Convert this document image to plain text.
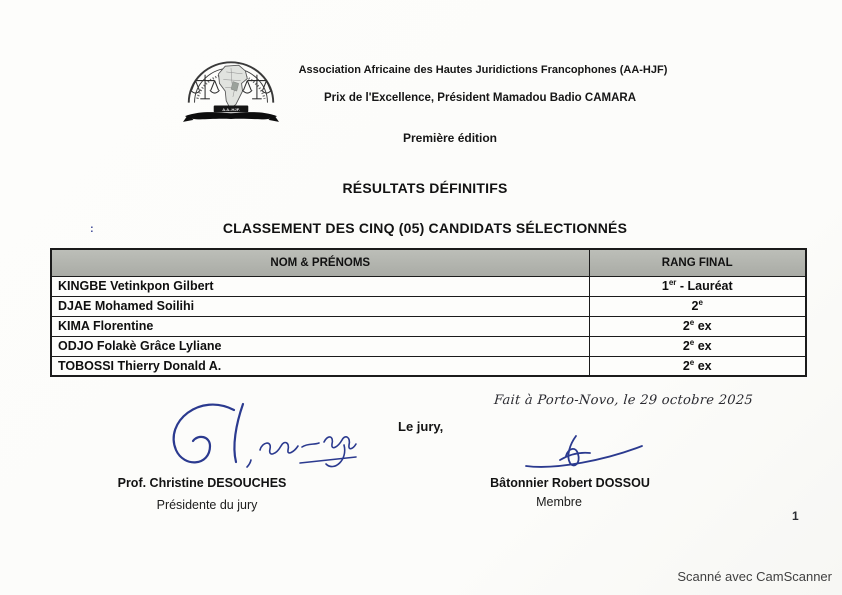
A.A.-HJF.
Association Africaine des Hautes Juridictions Francophones (AA-HJF)
Prix de l'Excellence, Président Mamadou Badio CAMARA
Première édition
RÉSULTATS DÉFINITIFS
CLASSEMENT DES CINQ (05) CANDIDATS SÉLECTIONNÉS
:
NOM & PRÉNOMS	RANG FINAL
KINGBE Vetinkpon Gilbert	1er - Lauréat
DJAE Mohamed Soilihi	2e
KIMA Florentine	2e ex
ODJO Folakè Grâce Lyliane	2e ex
TOBOSSI Thierry Donald A.	2e ex
Fait à Porto-Novo, le 29 octobre 2025
Le jury,
Prof. Christine DESOUCHES
Présidente du jury
Bâtonnier Robert DOSSOU
Membre
1
Scanné avec CamScanner
